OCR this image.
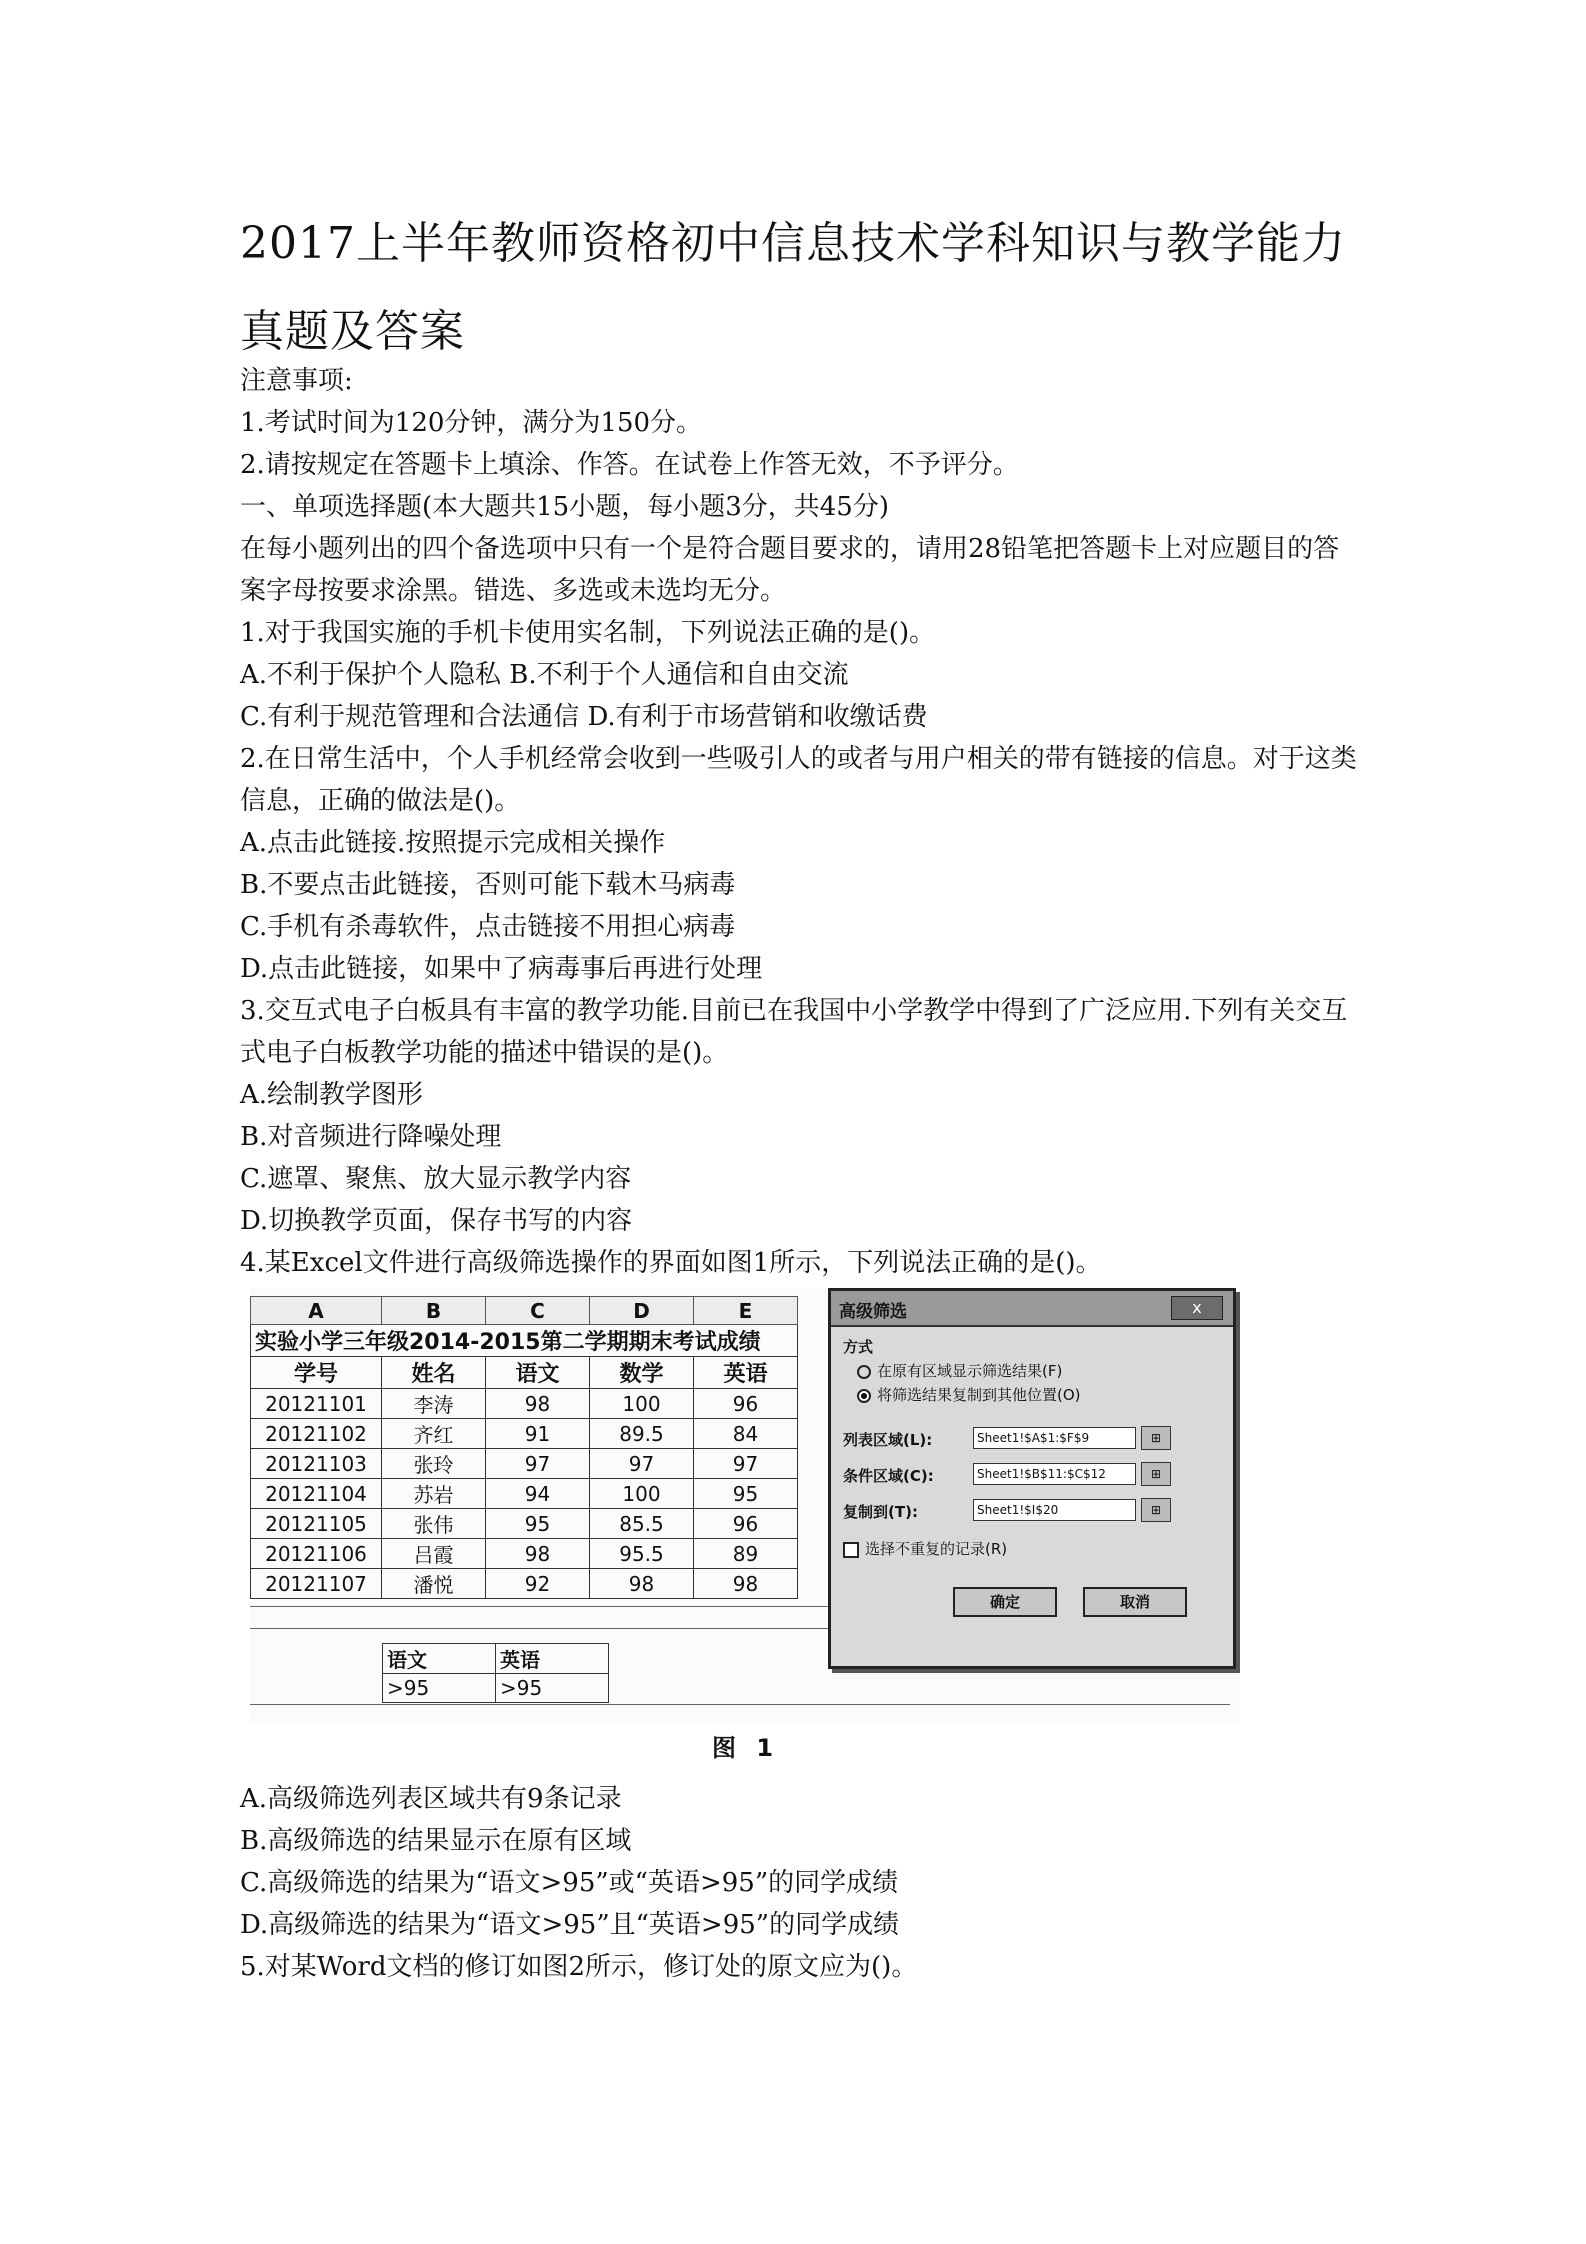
2017上半年教师资格初中信息技术学科知识与教学能力真题及答案
注意事项:
1.考试时间为120分钟，满分为150分。
2.请按规定在答题卡上填涂、作答。在试卷上作答无效，不予评分。
一、单项选择题(本大题共15小题，每小题3分，共45分)
在每小题列出的四个备选项中只有一个是符合题目要求的，请用28铅笔把答题卡上对应题目的答案字母按要求涂黑。错选、多选或未选均无分。
1.对于我国实施的手机卡使用实名制，下列说法正确的是()。
A.不利于保护个人隐私 B.不利于个人通信和自由交流
C.有利于规范管理和合法通信 D.有利于市场营销和收缴话费
2.在日常生活中，个人手机经常会收到一些吸引人的或者与用户相关的带有链接的信息。对于这类信息，正确的做法是()。
A.点击此链接.按照提示完成相关操作
B.不要点击此链接，否则可能下载木马病毒
C.手机有杀毒软件，点击链接不用担心病毒
D.点击此链接，如果中了病毒事后再进行处理
3.交互式电子白板具有丰富的教学功能.目前已在我国中小学教学中得到了广泛应用.下列有关交互式电子白板教学功能的描述中错误的是()。
A.绘制教学图形
B.对音频进行降噪处理
C.遮罩、聚焦、放大显示教学内容
D.切换教学页面，保存书写的内容
4.某Excel文件进行高级筛选操作的界面如图1所示，下列说法正确的是()。
A	B	C	D	E
实验小学三年级2014-2015第二学期期末考试成绩				
学号	姓名	语文	数学	英语
20121101	李涛	98	100	96
20121102	齐红	91	89.5	84
20121103	张玲	97	97	97
20121104	苏岩	94	100	95
20121105	张伟	95	85.5	96
20121106	吕霞	98	95.5	89
20121107	潘悦	92	98	98
语文	英语
>95	>95
高级筛选	x
方式
在原有区域显示筛选结果(F)
将筛选结果复制到其他位置(O)
列表区域(L):	Sheet1!$A$1:$F$9	⊞
条件区域(C):	Sheet1!$B$11:$C$12	⊞
复制到(T):	Sheet1!$I$20	⊞
选择不重复的记录(R)
确定	取消
图 1
A.高级筛选列表区域共有9条记录
B.高级筛选的结果显示在原有区域
C.高级筛选的结果为“语文>95”或“英语>95”的同学成绩
D.高级筛选的结果为“语文>95”且“英语>95”的同学成绩
5.对某Word文档的修订如图2所示，修订处的原文应为()。
